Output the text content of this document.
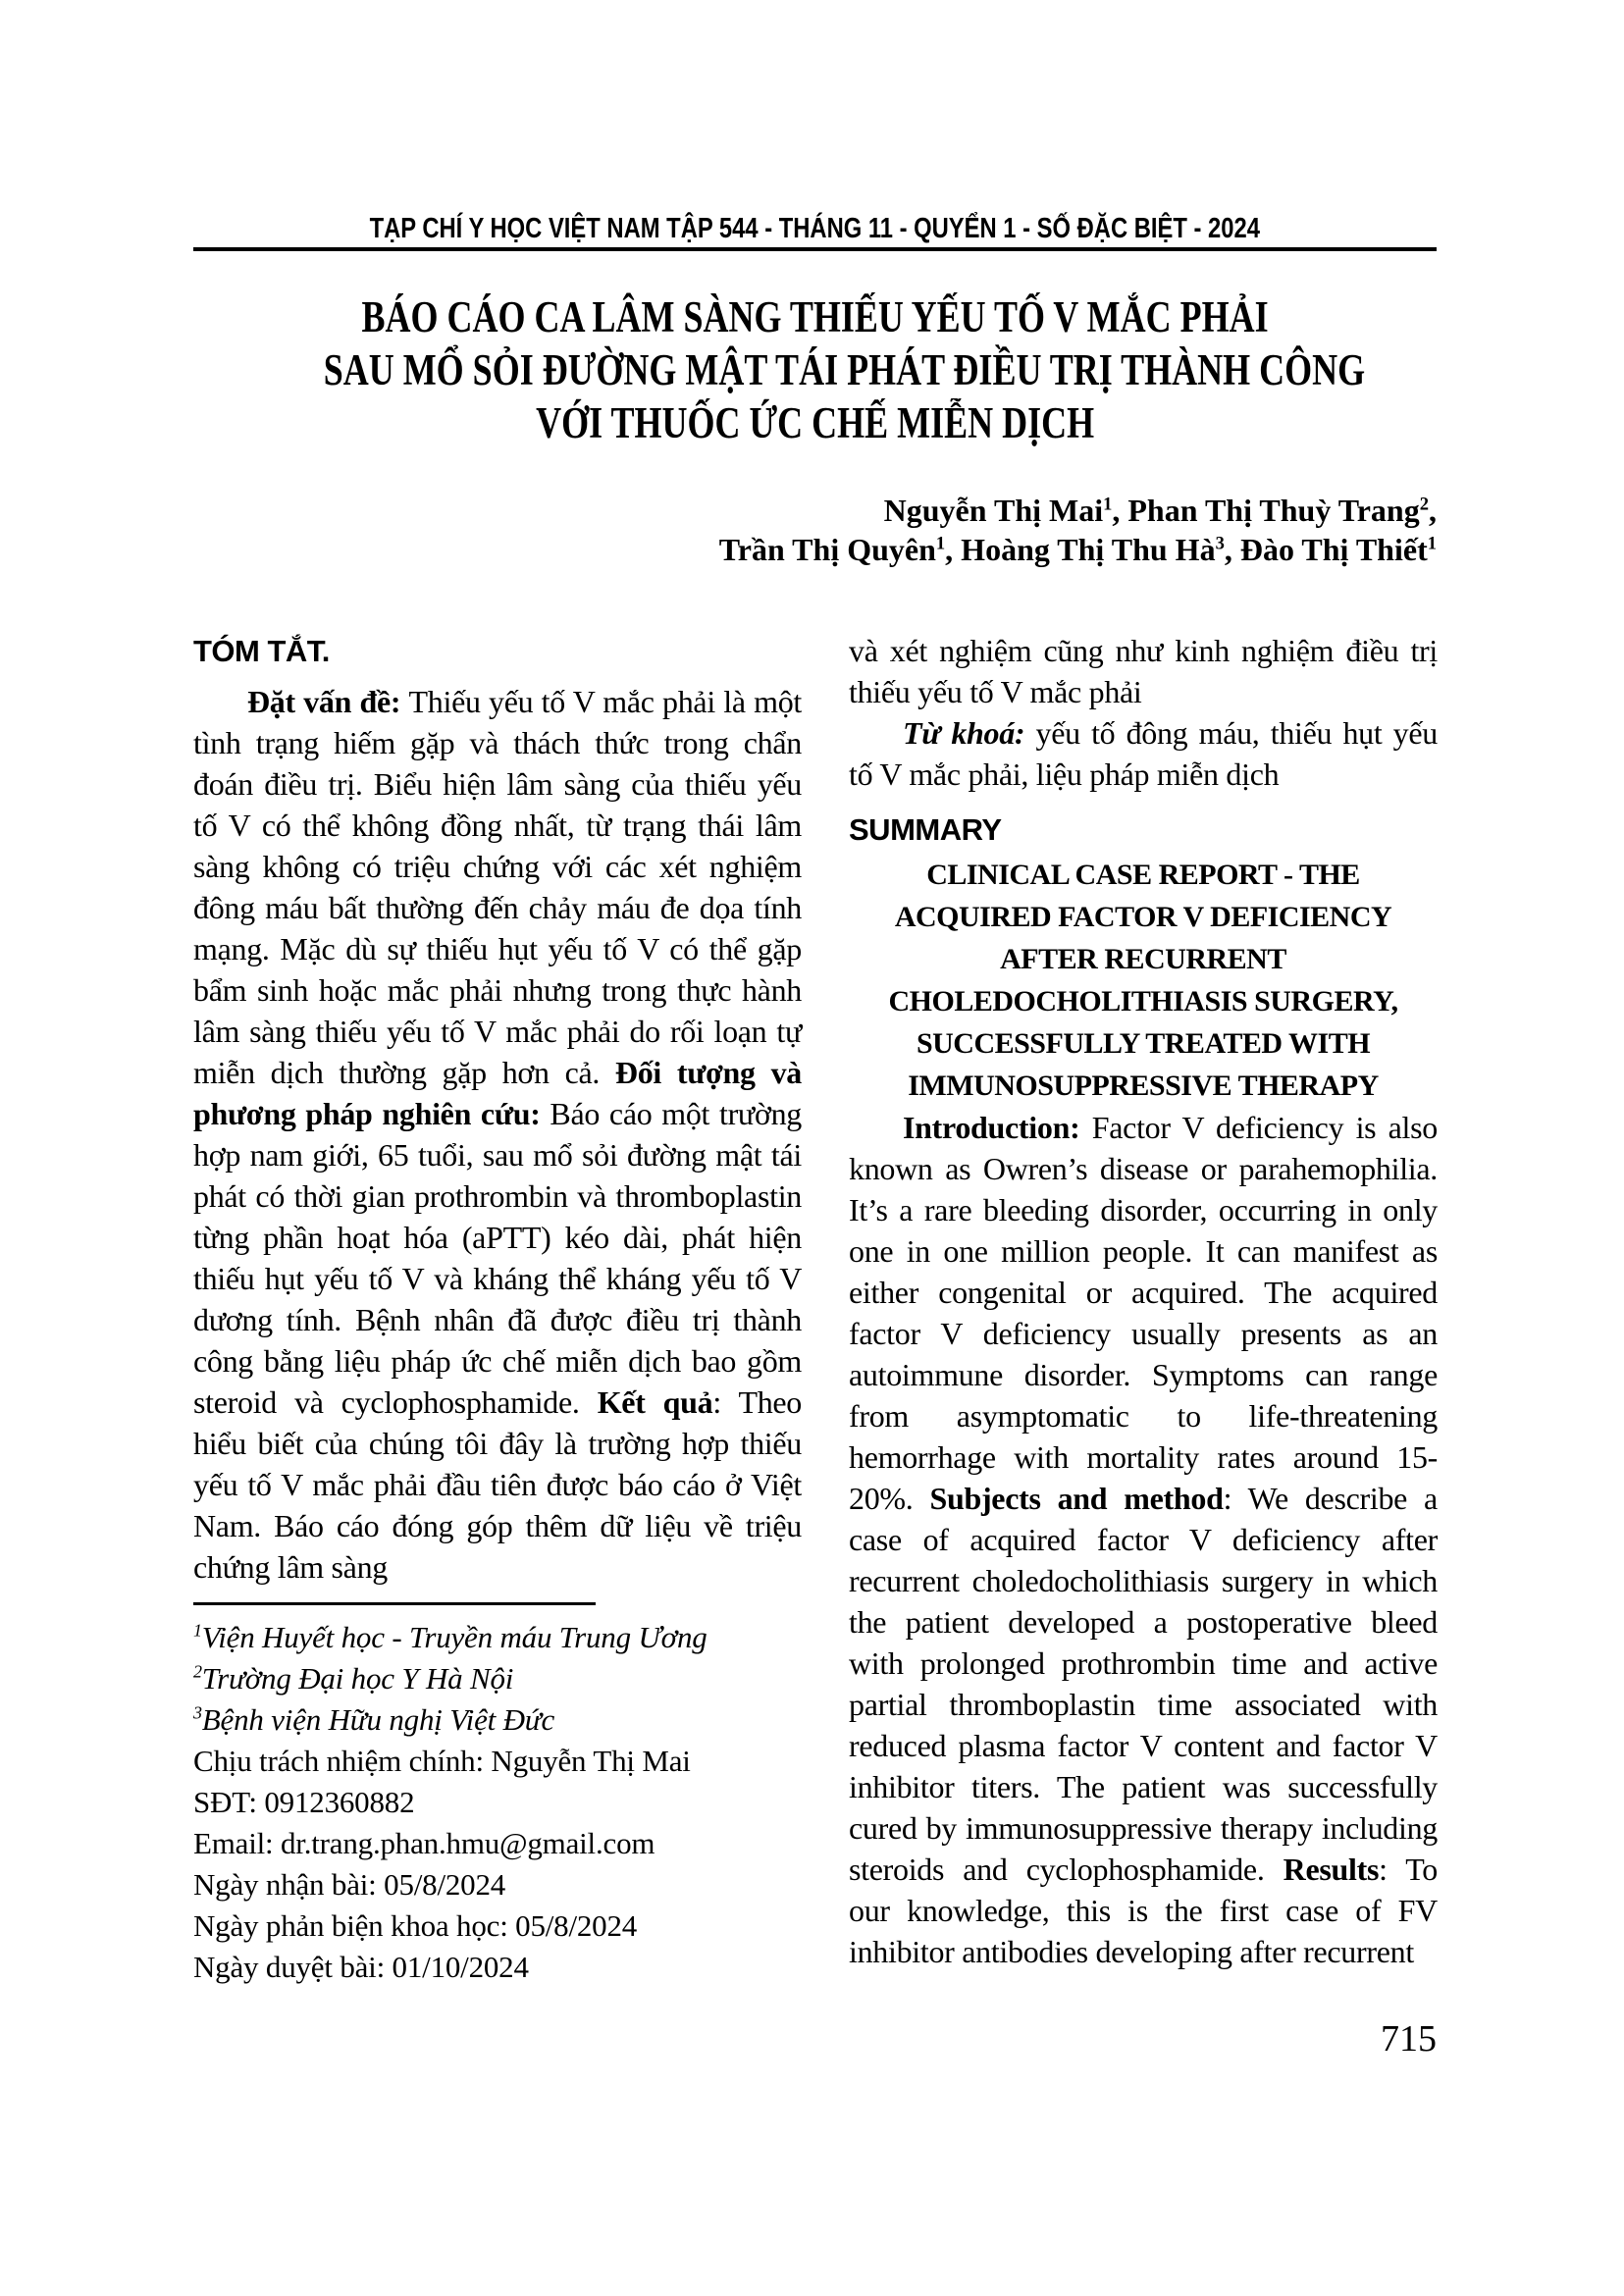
TẠP CHÍ Y HỌC VIỆT NAM TẬP 544 - THÁNG 11 - QUYỂN 1 - SỐ ĐẶC BIỆT - 2024
BÁO CÁO CA LÂM SÀNG THIẾU YẾU TỐ V MẮC PHẢI
SAU MỔ SỎI ĐƯỜNG MẬT TÁI PHÁT ĐIỀU TRỊ THÀNH CÔNG
VỚI THUỐC ỨC CHẾ MIỄN DỊCH
Nguyễn Thị Mai$^1$, Phan Thị Thuỳ Trang$^2$,
Trần Thị Quyên$^1$, Hoàng Thị Thu $Hà^3$, Đào Thị Thiết$^1$
TÓM TẮT.

Đặt vấn đề: Thiếu yếu tố V mắc phải là một tình trạng hiếm gặp và thách thức trong chẩn đoán điều trị. Biểu hiện lâm sàng của thiếu yếu tố V có thể không đồng nhất, từ trạng thái lâm sàng không có triệu chứng với các xét nghiệm đông máu bất thường đến chảy máu đe dọa tính mạng. Mặc dù sự thiếu hụt yếu tố V có thể gặp bẩm sinh hoặc mắc phải nhưng trong thực hành lâm sàng thiếu yếu tố V mắc phải do rối loạn tự miễn dịch thường gặp hơn cả. Đối tượng và phương pháp nghiên cứu: Báo cáo một trường hợp nam giới, 65 tuổi, sau mổ sỏi đường mật tái phát có thời gian prothrombin và thromboplastin từng phần hoạt hóa (aPTT) kéo dài, phát hiện thiếu hụt yếu tố V và kháng thể kháng yếu tố V dương tính. Bệnh nhân đã được điều trị thành công bằng liệu pháp ức chế miễn dịch bao gồm steroid và cyclophosphamide. Kết quả: Theo hiểu biết của chúng tôi đây là trường hợp thiếu yếu tố V mắc phải đầu tiên được báo cáo ở Việt Nam. Báo cáo đóng góp thêm dữ liệu về triệu chứng lâm sàng

$^1$Viện Huyết học - Truyền máu Trung Ương
$^2$Trường Đại học Y Hà Nội
$^3$Bệnh viện Hữu nghị Việt Đức
Chịu trách nhiệm chính: Nguyễn Thị Mai
SĐT: 0912360882
Email: dr.trang.phan.hmu@gmail.com
Ngày nhận bài: 05/8/2024
Ngày phản biện khoa học: 05/8/2024
Ngày duyệt bài: 01/10/2024

và xét nghiệm cũng như kinh nghiệm điều trị thiếu yếu tố V mắc phải

Từ khoá: yếu tố đông máu, thiếu hụt yếu tố V mắc phải, liệu pháp miễn dịch

SUMMARY
CLINICAL CASE REPORT - THE
ACQUIRED FACTOR V DEFICIENCY
AFTER RECURRENT
CHOLEDOCHOLITHIASIS SURGERY,
SUCCESSFULLY TREATED WITH
IMMUNOSUPPRESSIVE THERAPY

Introduction: Factor V deficiency is also known as Owren’s disease or parahemophilia. It’s a rare bleeding disorder, occurring in only one in one million people. It can manifest as either congenital or acquired. The acquired factor V deficiency usually presents as an autoimmune disorder. Symptoms can range from asymptomatic to life-threatening hemorrhage with mortality rates around 15-20%. Subjects and method: We describe a case of acquired factor V deficiency after recurrent choledocholithiasis surgery in which the patient developed a postoperative bleed with prolonged prothrombin time and active partial thromboplastin time associated with reduced plasma factor V content and factor V inhibitor titers. The patient was successfully cured by immunosuppressive therapy including steroids and cyclophosphamide. Results: To our knowledge, this is the first case of FV inhibitor antibodies developing after recurrent

715
